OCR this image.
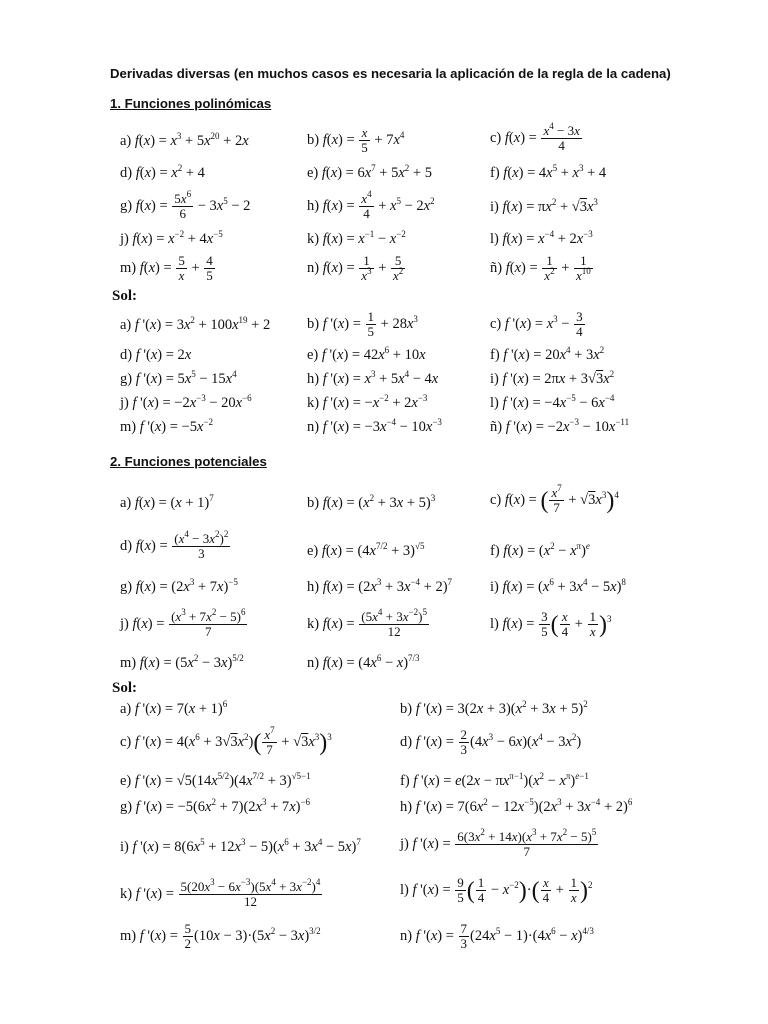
Derivadas diversas (en muchos casos es necesaria la aplicación de la regla de la cadena)
1. Funciones polinómicas
a) $f(x) = x^3 + 5x^{20} + 2x$	b) $f(x) = \frac{x}{5} + 7x^4$	c) $f(x) = \frac{x^4 - 3x}{4}$
d) $f(x) = x^2 + 4$	e) $f(x) = 6x^7 + 5x^2 + 5$	f) $f(x) = 4x^5 + x^3 + 4$
g) $f(x) = \frac{5x^6}{6} - 3x^5 - 2$	h) $f(x) = \frac{x^4}{4} + x^5 - 2x^2$	i) $f(x) = \pi x^2 + √3x^3$
j) $f(x) = x^{-2} + 4x^{-5}$	k) $f(x) = x^{-1} - x^{-2}$	l) $f(x) = x^{-4} + 2x^{-3}$
m) $f(x) = \frac{5}{x} + \frac{4}{5}$	n) $f(x) = \frac{1}{x^3} + \frac{5}{x^2}$	ñ) $f(x) = \frac{1}{x^2} + \frac{1}{x^{10}}$
Sol:
a) f '$(x) = 3x^2 + 100x^{19} + 2$	b) f '$(x) = \frac{1}{5} + 28x^3$	c) f '$(x) = x^3 - \frac{3}{4}$
d) f '(x) = 2x	e) f '$(x) = 42x^6 + 10x$	f) f '$(x) = 20x^4 + 3x^2$
g) f '$(x) = 5x^5 - 15x^4$	h) f '$(x) = x^3 + 5x^4 - 4x$	i) f '$(x) = 2\pi x + 3√3x^2$
j) f '$(x) = -2x^{-3} - 20x^{-6}$	k) f '$(x) = -x^{-2} + 2x^{-3}$	l) f '$(x) = -4x^{-5} - 6x^{-4}$
m) f '$(x) = -5x^{-2}$	n) f '$(x) = -3x^{-4} - 10x^{-3}$	ñ) f '$(x) = -2x^{-3} - 10x^{-11}$
2. Funciones potenciales
a) $f(x) = (x + 1)^7$	b) $f(x) = (x^2 + 3x + 5)^3$	c) f(x) = ( $\frac{x^7}{7} + √3x^3)^4$
d) $f(x) = \frac{(x^4 - 3x^2)^2}{3}$	e) $f(x) = (4x^{7/2} + 3)^{√5}$	f) $f(x) = (x^2 - x^\pi)^e$
g) $f(x) = (2x^3 + 7x)^{-5}$	h) $f(x) = (2x^3 + 3x^{-4} + 2)^7$	i) $f(x) = (x^6 + 3x^4 - 5x)^8$
j) $f(x) = \frac{(x^3 + 7x^2 - 5)^6}{7}$	k) $f(x) = \frac{(5x^4 + 3x^{-2})^5}{12}$	l) $f(x) = \frac{3}{5}$ ( $\frac{x}{4} + \frac{1}{x} )^3$
m) $f(x) = (5x^2 - 3x)^{5/2}$	n) $f(x) = (4x^6 - x)^{7/3}$
Sol:
a) f '$(x) = 7(x + 1)^6$	b) f '$(x) = 3(2x + 3)(x^2 + 3x + 5)^2$
c) f '$(x) = 4(x^6 + 3√3x^2)( \frac{x^7}{7} + √3x^3)^3$	d) f '$(x) = \frac{2}{3} (4x^3 - 6x)(x^4 - 3x^2)$
e) f '$(x) = √5(14x^{5/2})(4x^{7/2} + 3)^{√5-1}$	f) f '$(x) = e(2x - \pi x^{\pi-1})(x^2 - x^\pi)^{e-1}$
g) f '$(x) = -5(6x^2 + 7)(2x^3 + 7x)^{-6}$	h) f '$(x) = 7(6x^2 - 12x^{-5})(2x^3 + 3x^{-4} + 2)^6$
i) f '$(x) = 8(6x^5 + 12x^3 - 5)(x^6 + 3x^4 - 5x)^7$	j) f '$(x) = \frac{6(3x^2 + 14x)(x^3 + 7x^2 - 5)^5}{7}$
k) f '$(x) = \frac{5(20x^3 - 6x^{-3})(5x^4 + 3x^{-2})^4}{12}$	l) f '$(x) = \frac{9}{5}$ ( $\frac{1}{4} - x^{-2})\cdot( \frac{x}{4} + \frac{1}{x} )^2$
m) f '$(x) = \frac{5}{2} (10x - 3)\cdot(5x^2 - 3x)^{3/2}$	n) f '$(x) = \frac{7}{3} (24x^5 - 1)\cdot(4x^6 - x)^{4/3}$
